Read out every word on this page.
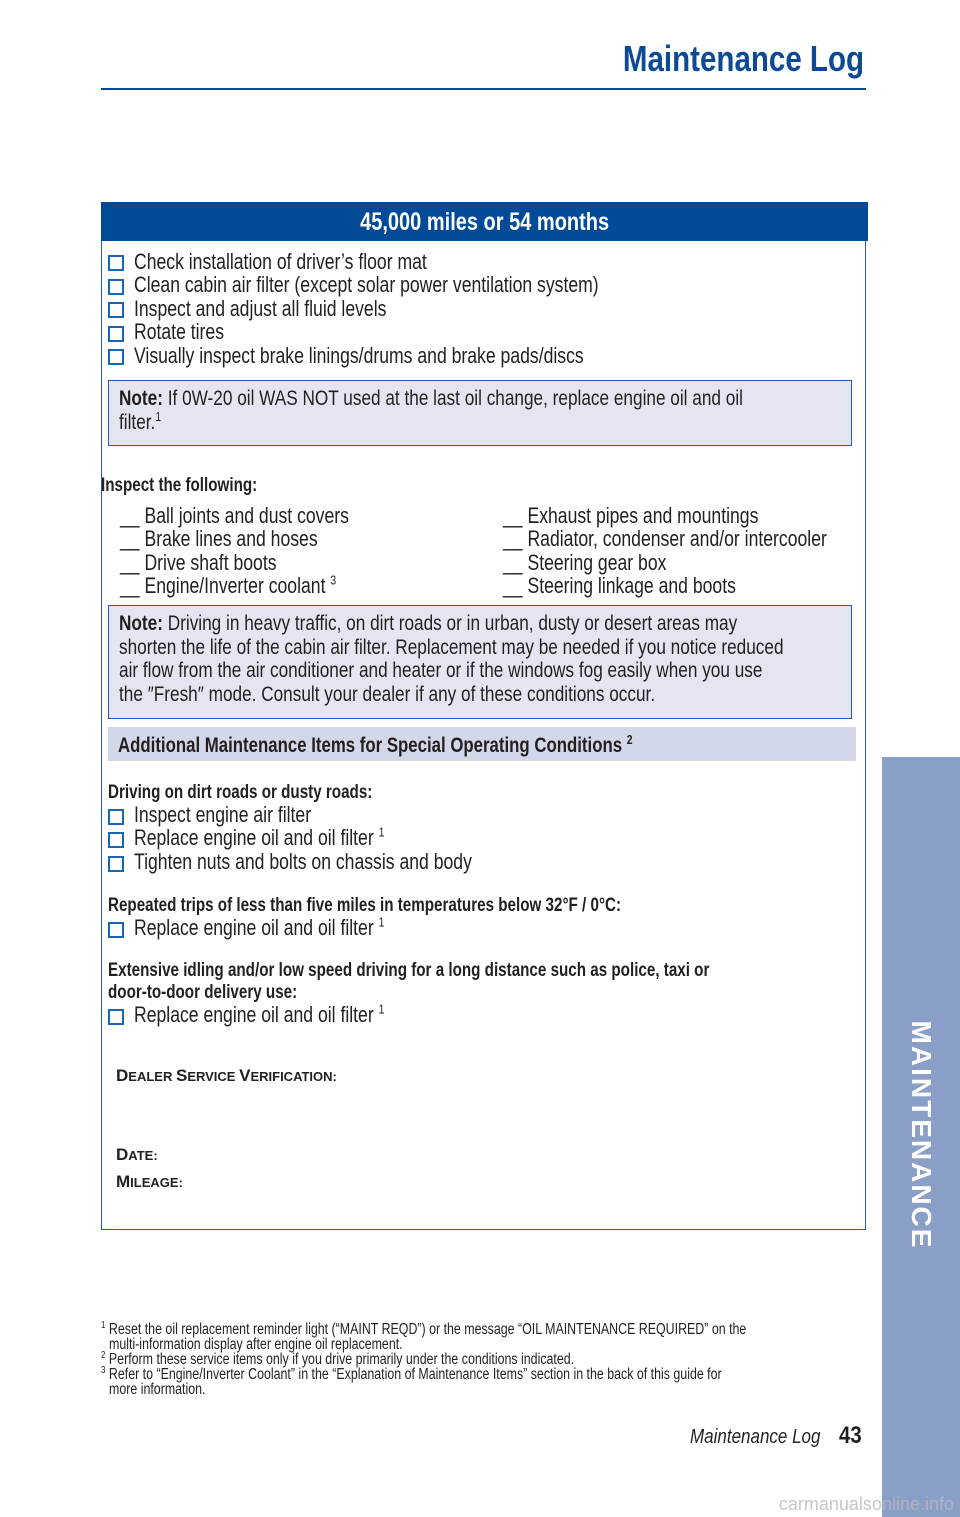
Maintenance Log
MAINTENANCE
45,000 miles or 54 months
Check installation of driver’s floor mat
Clean cabin air filter (except solar power ventilation system)
Inspect and adjust all fluid levels
Rotate tires
Visually inspect brake linings/drums and brake pads/discs
Note: If 0W-20 oil WAS NOT used at the last oil change, replace engine oil and oil
filter.$^1$
Inspect the following:
__ Ball joints and dust covers
__ Brake lines and hoses
__ Drive shaft boots
__ Engine/Inverter coolant $^3$
__ Exhaust pipes and mountings
__ Radiator, condenser and/or intercooler
__ Steering gear box
__ Steering linkage and boots
Note: Driving in heavy traffic, on dirt roads or in urban, dusty or desert areas may
shorten the life of the cabin air filter. Replacement may be needed if you notice reduced
air flow from the air conditioner and heater or if the windows fog easily when you use
the ″Fresh″ mode. Consult your dealer if any of these conditions occur.
Additional Maintenance Items for Special Operating Conditions $^2$
Driving on dirt roads or dusty roads:
Inspect engine air filter
Replace engine oil and oil filter $^1$
Tighten nuts and bolts on chassis and body
Repeated trips of less than five miles in temperatures below 32°F / 0°C:
Replace engine oil and oil filter $^1$
Extensive idling and/or low speed driving for a long distance such as police, taxi or
door-to-door delivery use:
Replace engine oil and oil filter $^1$
DEALER SERVICE VERIFICATION:
DATE:
MILEAGE:
$^1$ Reset the oil replacement reminder light (“MAINT REQD”) or the message “OIL MAINTENANCE REQUIRED” on the
multi-information display after engine oil replacement.
$^2$ Perform these service items only if you drive primarily under the conditions indicated.
$^3$ Refer to “Engine/Inverter Coolant” in the “Explanation of Maintenance Items” section in the back of this guide for
more information.
Maintenance Log 43
carmanualsonline.info
